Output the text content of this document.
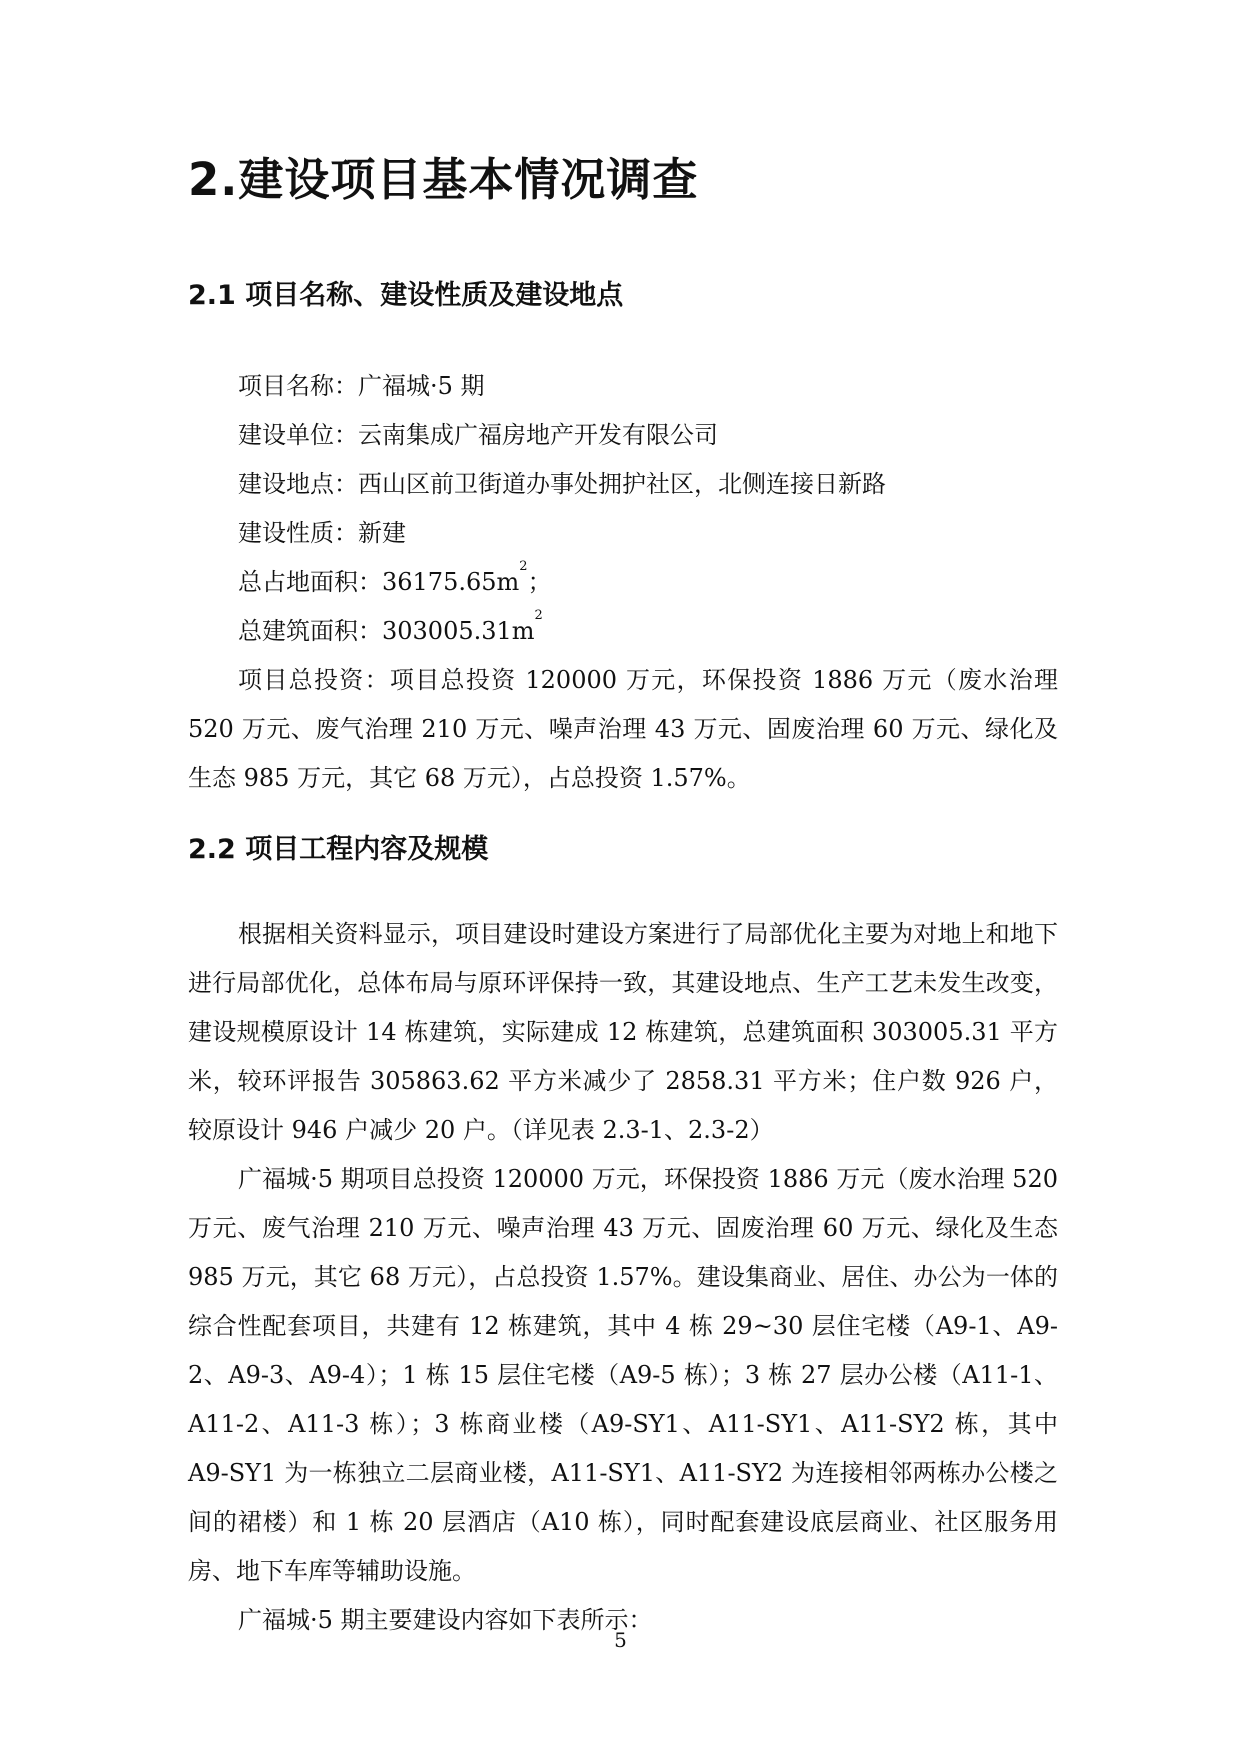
2.建设项目基本情况调查
2.1 项目名称、建设性质及建设地点
项目名称：广福城·5 期
建设单位：云南集成广福房地产开发有限公司
建设地点：西山区前卫街道办事处拥护社区，北侧连接日新路
建设性质：新建
总占地面积：$36175.65m^2$；
总建筑面积：$303005.31m^2$

项目总投资：项目总投资 120000 万元，环保投资 1886 万元（废水治理 520 万元、废气治理 210 万元、噪声治理 43 万元、固废治理 60 万元、绿化及生态 985 万元，其它 68 万元），占总投资 1.57%。

2.2 项目工程内容及规模

根据相关资料显示，项目建设时建设方案进行了局部优化主要为对地上和地下进行局部优化，总体布局与原环评保持一致，其建设地点、生产工艺未发生改变，建设规模原设计 14 栋建筑，实际建成 12 栋建筑，总建筑面积 303005.31 平方米，较环评报告 305863.62 平方米减少了 2858.31 平方米；住户数 926 户，较原设计 946 户减少 20 户。（详见表 2.3-1、2.3-2）

广福城·5 期项目总投资 120000 万元，环保投资 1886 万元（废水治理 520 万元、废气治理 210 万元、噪声治理 43 万元、固废治理 60 万元、绿化及生态 985 万元，其它 68 万元），占总投资 1.57%。建设集商业、居住、办公为一体的综合性配套项目，共建有 12 栋建筑，其中 4 栋 29~30 层住宅楼（A9-1、A9-2、A9-3、A9-4）；1 栋 15 层住宅楼（A9-5 栋）；3 栋 27 层办公楼（A11-1、A11-2、A11-3 栋）；3 栋商业楼（A9-SY1、A11-SY1、A11-SY2 栋，其中 A9-SY1 为一栋独立二层商业楼，A11-SY1、A11-SY2 为连接相邻两栋办公楼之间的裙楼）和 1 栋 20 层酒店（A10 栋），同时配套建设底层商业、社区服务用房、地下车库等辅助设施。

广福城·5 期主要建设内容如下表所示：

5
